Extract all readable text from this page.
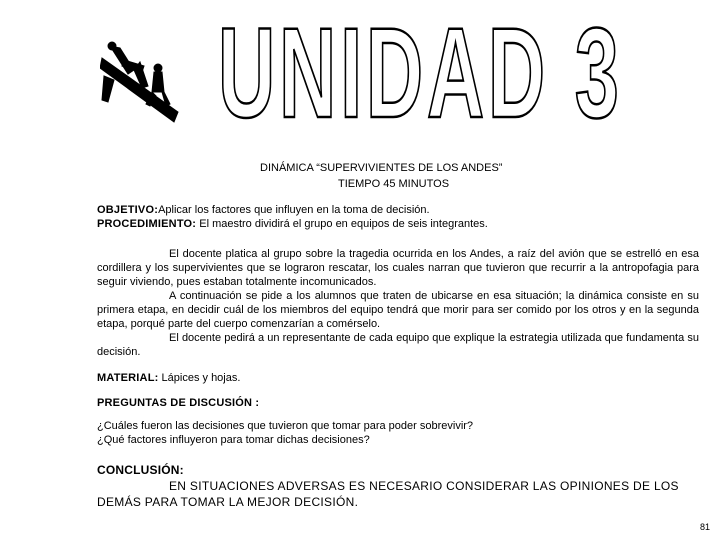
UNIDAD 3
DINÁMICA “SUPERVIVIENTES DE LOS ANDES”
TIEMPO 45 MINUTOS
OBJETIVO:Aplicar los factores que influyen en la toma de decisión.
PROCEDIMIENTO: El maestro dividirá el grupo en equipos de seis integrantes.
El docente platica al grupo sobre la tragedia ocurrida en los Andes, a raíz del avión que se estrelló en esa cordillera y los supervivientes que se lograron rescatar, los cuales narran que tuvieron que recurrir a la antropofagia para seguir viviendo, pues estaban totalmente incomunicados.
A continuación se pide a los alumnos que traten de ubicarse en esa situación; la dinámica consiste en su primera etapa, en decidir cuál de los miembros del equipo tendrá que morir para ser comido por los otros y en la segunda etapa, porqué parte del cuerpo comenzarían a comérselo.
El docente pedirá a un representante de cada equipo que explique la estrategia utilizada que fundamenta su decisión.
MATERIAL: Lápices y hojas.
PREGUNTAS DE DISCUSIÓN :
¿Cuáles fueron las decisiones que tuvieron que tomar para poder sobrevivir?
¿Qué factores influyeron para tomar dichas decisiones?
CONCLUSIÓN:
EN SITUACIONES ADVERSAS ES NECESARIO CONSIDERAR LAS OPINIONES DE LOS DEMÁS PARA TOMAR LA MEJOR DECISIÓN.
81
